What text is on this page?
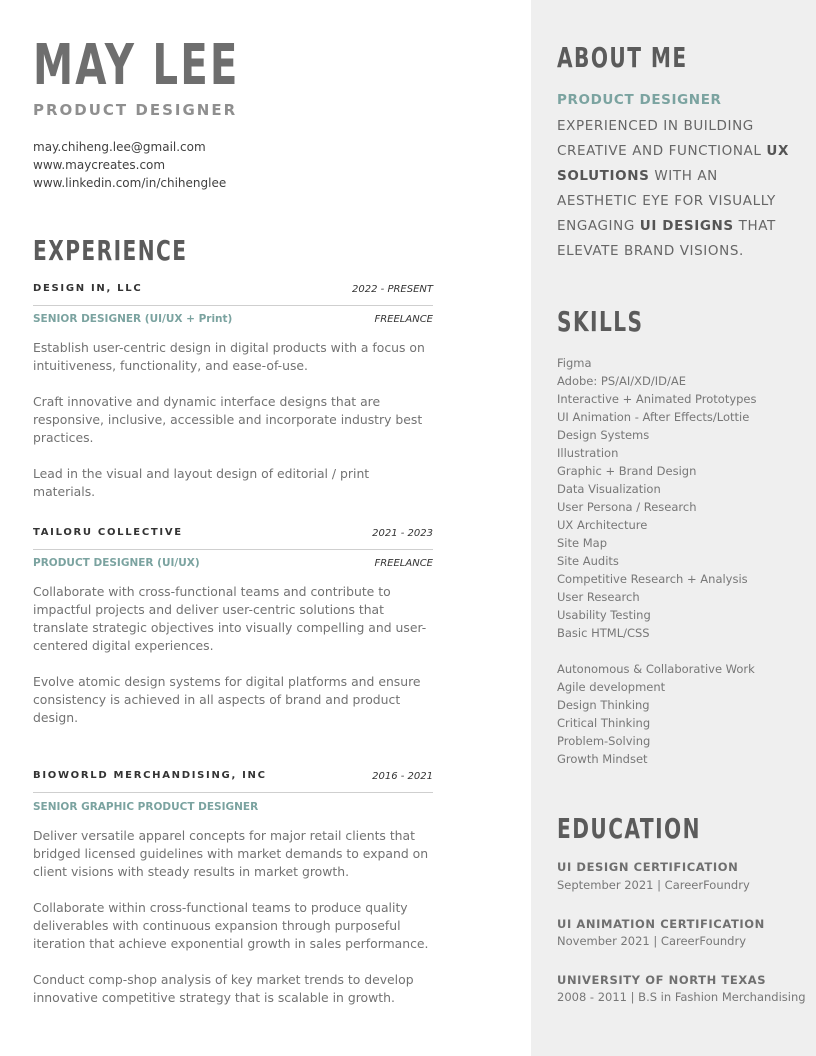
MAY LEE
PRODUCT DESIGNER
may.chiheng.lee@gmail.com
www.maycreates.com
www.linkedin.com/in/chihenglee
EXPERIENCE
DESIGN IN, LLC	2022 - PRESENT
SENIOR DESIGNER (UI/UX + Print)	FREELANCE
Establish user-centric design in digital products with a focus on intuitiveness, functionality, and ease-of-use.
Craft innovative and dynamic interface designs that are responsive, inclusive, accessible and incorporate industry best practices.
Lead in the visual and layout design of editorial / print materials.
TAILORU COLLECTIVE	2021 - 2023
PRODUCT DESIGNER (UI/UX)	FREELANCE
Collaborate with cross-functional teams and contribute to impactful projects and deliver user-centric solutions that translate strategic objectives into visually compelling and user-centered digital experiences.
Evolve atomic design systems for digital platforms and ensure consistency is achieved in all aspects of brand and product design.
BIOWORLD MERCHANDISING, INC	2016 - 2021
SENIOR GRAPHIC PRODUCT DESIGNER
Deliver versatile apparel concepts for major retail clients that bridged licensed guidelines with market demands to expand on client visions with steady results in market growth.
Collaborate within cross-functional teams to produce quality deliverables with continuous expansion through purposeful iteration that achieve exponential growth in sales performance.
Conduct comp-shop analysis of key market trends to develop innovative competitive strategy that is scalable in growth.
ABOUT ME
PRODUCT DESIGNER
EXPERIENCED IN BUILDING CREATIVE AND FUNCTIONAL UX SOLUTIONS WITH AN AESTHETIC EYE FOR VISUALLY ENGAGING UI DESIGNS THAT ELEVATE BRAND VISIONS.
SKILLS
Figma
Adobe: PS/AI/XD/ID/AE
Interactive + Animated Prototypes
UI Animation - After Effects/Lottie
Design Systems
Illustration
Graphic + Brand Design
Data Visualization
User Persona / Research
UX Architecture
Site Map
Site Audits
Competitive Research + Analysis
User Research
Usability Testing
Basic HTML/CSS
Autonomous & Collaborative Work
Agile development
Design Thinking
Critical Thinking
Problem-Solving
Growth Mindset
EDUCATION
UI DESIGN CERTIFICATION
September 2021 | CareerFoundry
UI ANIMATION CERTIFICATION
November 2021 | CareerFoundry
UNIVERSITY OF NORTH TEXAS
2008 - 2011 | B.S in Fashion Merchandising
